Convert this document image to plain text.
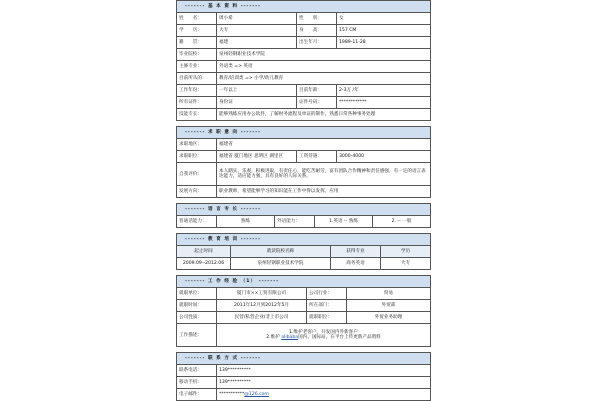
------- 基 本 资 料 -------			
姓　　名：	周小希	性　　别：	女
学　　历：	大专	身　　高：	157 CM
籍　　贯：	福建	出生年月：	1989-11-28
毕业院校：	泉州轻钢职业技术学院		
主修专业：	外语类 => 英语		
目前所从的：	教育/培训类 => 小学/幼儿教育		
工作年份：	一年以上	目前年薪：	2-3万 /年
所有证件：	身份证	证件号码：	************
技能专长：	能够熟练应用办公软件，了解财务流程及单证的制作，熟悉日常各种事务处理		
------- 求 职 意 向 -------			
求职地区：	福建省		
求职职位：	福建省 厦门地区 思明区 湖里区	工资待遇：	3000-4000
自我评价：	本人踏实，乐观，积极进取，有责任心，能吃苦耐劳，富有团队合作精神和责任感强，有一定的语言表达能力，适应能力强，具有良好的人际关系。		
发展方向：	职业教师，希望能够学习的知识能在工作中得以发挥，应用		
------- 语 言 专 长 -------
普通话能力：	熟练	外语能力：	1.英语 -- 熟练	2. -- 一般
------- 教 育 培 训 -------			
起止时间	就读院校名称	获得专业	学历
2009.09--2012.06	泉州轻钢职业技术学院	商务英语	大专
------- 工 作 经 验 （1） -------			
就职单位：	厦门市××工贸有限公司	公司行业：	贸易
就职时间：	2011年12月到2012年5月	所在部门：	外贸部
公司性质：	民营/私营企业/非上市公司	就职职位：	外贸业务助理
工作描述：	1.维护老客户，开发国内外新客户
2.维护 alibaba国内、国际站，在平台上传更新产品资料		
------- 联 系 方 式 -------	
联系电话：	139**********
移动手机：	139**********
电子邮件：	***********@126.com
